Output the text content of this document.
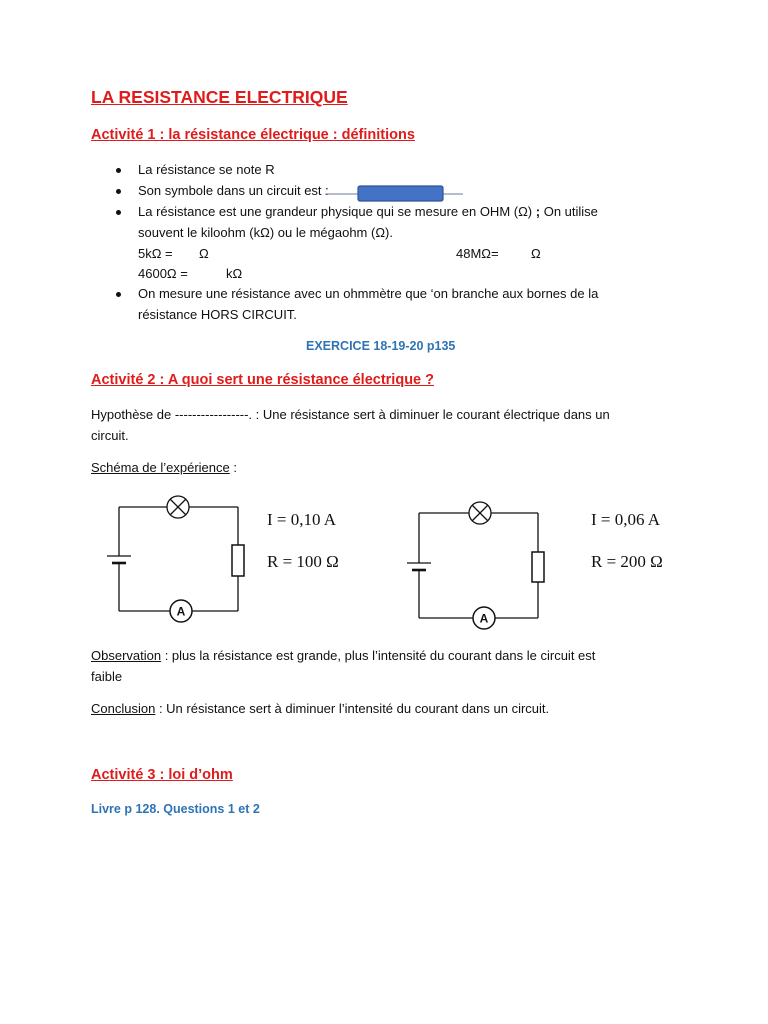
LA RESISTANCE ELECTRIQUE
Activité 1 : la résistance électrique : définitions
La résistance se note R
Son symbole dans un circuit est :
La résistance est une grandeur physique qui se mesure en OHM (Ω) ; On utilise
souvent le kiloohm (kΩ) ou le mégaohm (Ω).
5kΩ = Ω	48MΩ= Ω
4600Ω =	kΩ
On mesure une résistance avec un ohmmètre que ‘on branche aux bornes de la
résistance HORS CIRCUIT.
EXERCICE 18-19-20 p135
Activité 2 : A quoi sert une résistance électrique ?
Hypothèse de -----------------. : Une résistance sert à diminuer le courant électrique dans un
circuit.
Schéma de l’expérience :
A
I = 0,10 A
R = 100 Ω
A
I = 0,06 A
R = 200 Ω
Observation : plus la résistance est grande, plus l’intensité du courant dans le circuit est
faible
Conclusion : Un résistance sert à diminuer l’intensité du courant dans un circuit.
Activité 3 : loi d’ohm
Livre p 128. Questions 1 et 2
